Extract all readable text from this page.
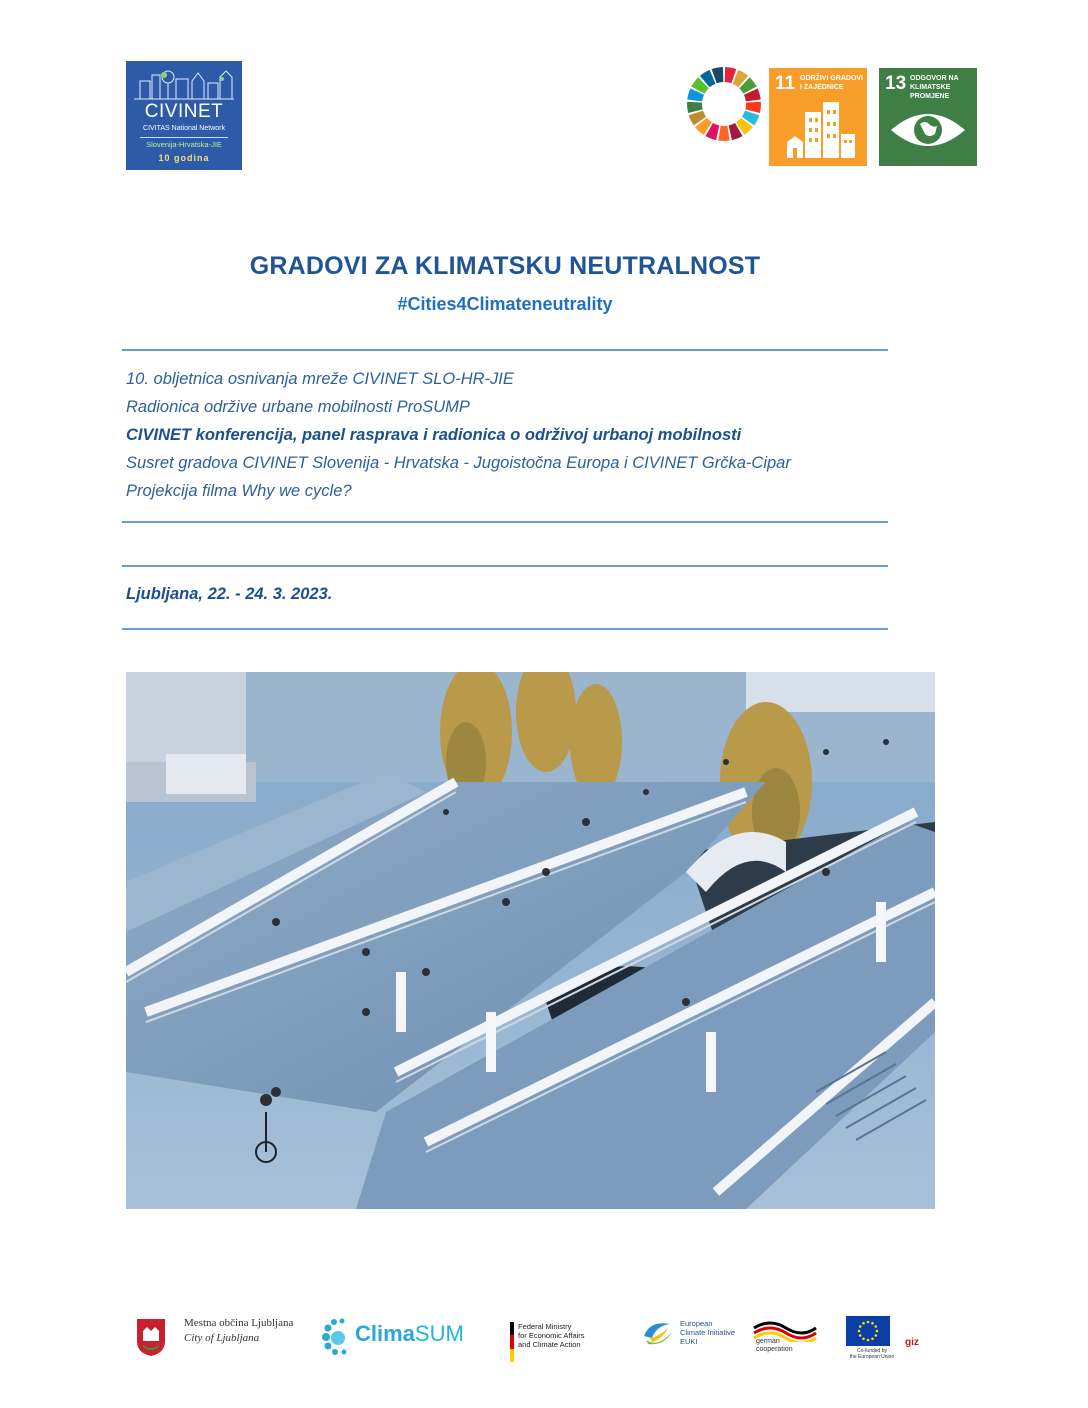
CIVINET
CIVITAS National Network
Slovenija-Hrvatska-JIE
10 godina
11 ODRŽIVI GRADOVI I ZAJEDNICE	13 ODGOVOR NA KLIMATSKE PROMJENE
GRADOVI ZA KLIMATSKU NEUTRALNOST
#Cities4Climateneutrality
10. obljetnica osnivanja mreže CIVINET SLO-HR-JIE
Radionica održive urbane mobilnosti ProSUMP
CIVINET konferencija, panel rasprava i radionica o održivoj urbanoj mobilnosti
Susret gradova CIVINET Slovenija - Hrvatska - Jugoistočna Europa i CIVINET Grčka-Cipar
Projekcija filma Why we cycle?
Ljubljana, 22. - 24. 3. 2023.
Mestna občina Ljubljana
City of Ljubljana	ClimaSUM	Federal Ministry
for Economic Affairs
and Climate Action
European
Climate Initiative
EUKI	german
cooperation	Co-funded by
the European Union
giz
